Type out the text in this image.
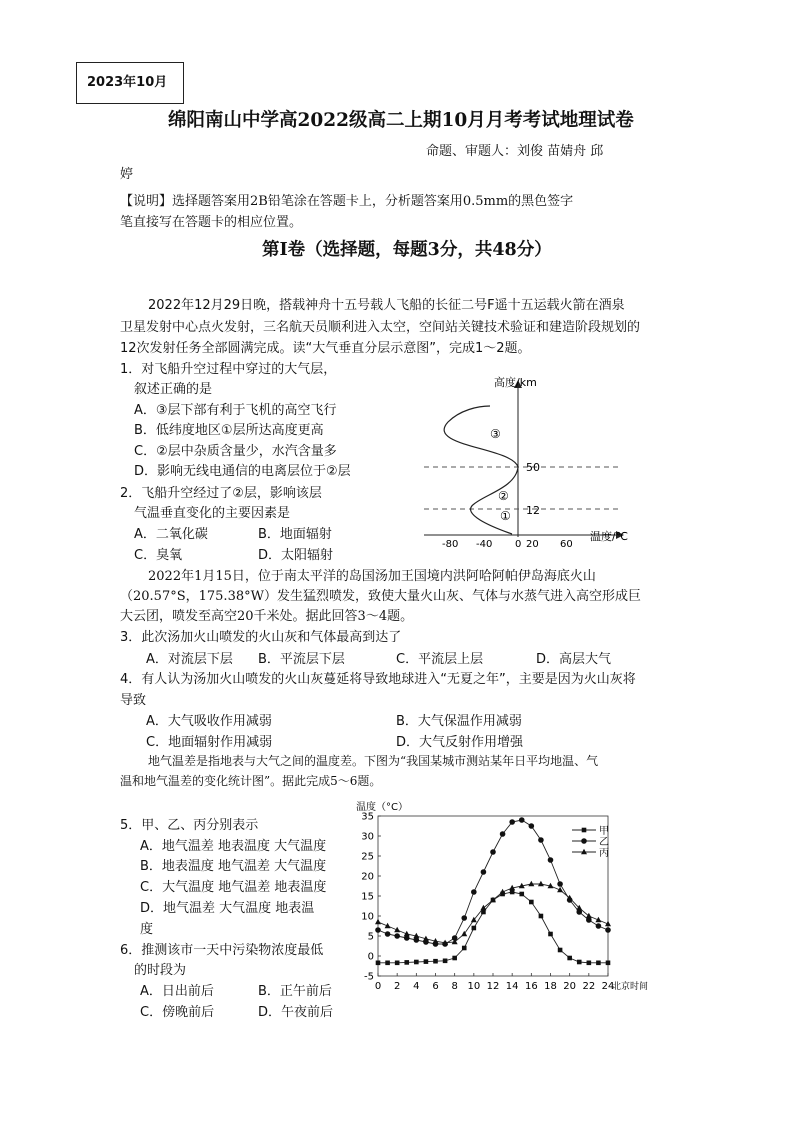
2023年10月
绵阳南山中学高2022级高二上期10月月考考试地理试卷
命题、审题人：刘俊 苗婧舟 邱
婷
【说明】选择题答案用2B铅笔涂在答题卡上，分析题答案用0.5mm的黑色签字
笔直接写在答题卡的相应位置。
第Ⅰ卷（选择题，每题3分，共48分）
2022年12月29日晚，搭载神舟十五号载人飞船的长征二号F遥十五运载火箭在酒泉
卫星发射中心点火发射，三名航天员顺利进入太空，空间站关键技术验证和建造阶段规划的
12次发射任务全部圆满完成。读“大气垂直分层示意图”，完成1～2题。
1．对飞船升空过程中穿过的大气层，
叙述正确的是
A．③层下部有利于飞机的高空飞行
B．低纬度地区①层所达高度更高
C．②层中杂质含量少，水汽含量多
D．影响无线电通信的电离层位于②层
2．飞船升空经过了②层，影响该层
气温垂直变化的主要因素是
A．二氧化碳	B．地面辐射
C．臭氧	D．太阳辐射
高度/km
50
12
③
②
①
温度/℃
-80 -40 0 20 60
2022年1月15日，位于南太平洋的岛国汤加王国境内洪阿哈阿帕伊岛海底火山
（20.57°S，175.38°W）发生猛烈喷发，致使大量火山灰、气体与水蒸气进入高空形成巨
大云团，喷发至高空20千米处。据此回答3～4题。
3．此次汤加火山喷发的火山灰和气体最高到达了
A．对流层下层 B．平流层下层	C．平流层上层	D．高层大气
4．有人认为汤加火山喷发的火山灰蔓延将导致地球进入“无夏之年”，主要是因为火山灰将
导致
A．大气吸收作用减弱	B．大气保温作用减弱
C．地面辐射作用减弱	D．大气反射作用增强
地气温差是指地表与大气之间的温度差。下图为“我国某城市测站某年日平均地温、气
温和地气温差的变化统计图”。据此完成5～6题。
5．甲、乙、丙分别表示
A．地气温差 地表温度 大气温度
B．地表温度 地气温差 大气温度
C．大气温度 地气温差 地表温度
D．地气温差 大气温度 地表温
度
6．推测该市一天中污染物浓度最低
的时段为
A．日出前后	B．正午前后
C．傍晚前后	D．午夜前后
-5
0
5
10
15
20
25
30
35
0 2 4 6 8 10 12 14 16 18 20 22 24
温度（°C）
北京时间
甲
乙
丙
